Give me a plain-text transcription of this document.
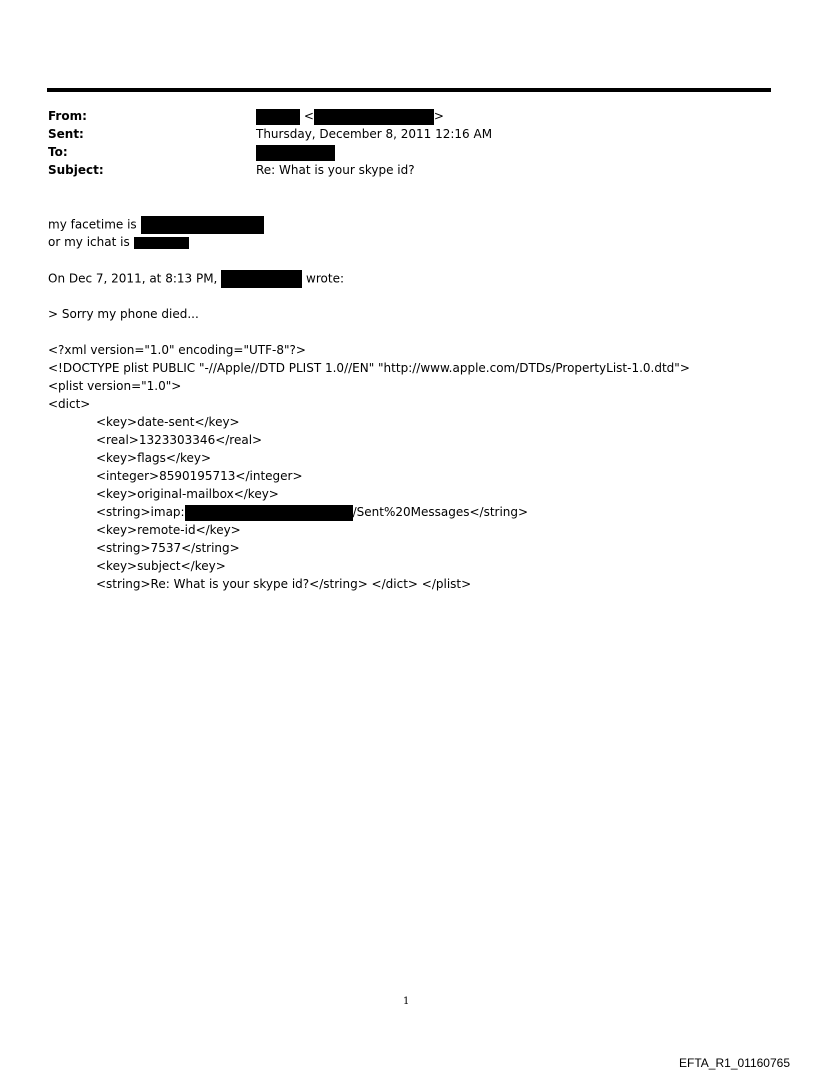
From:	<	>
Sent:	Thursday, December 8, 2011 12:16 AM
To:
Subject:	Re: What is your skype id?
my facetime is
or my ichat is
On Dec 7, 2011, at 8:13 PM,	wrote:
> Sorry my phone died...
<?xml version="1.0" encoding="UTF-8"?>
<!DOCTYPE plist PUBLIC "-//Apple//DTD PLIST 1.0//EN" "http://www.apple.com/DTDs/PropertyList-1.0.dtd">
<plist version="1.0">
<dict>
<key>date-sent</key>
<real>1323303346</real>
<key>flags</key>
<integer>8590195713</integer>
<key>original-mailbox</key>
<string>imap:	/Sent%20Messages</string>
<key>remote-id</key>
<string>7537</string>
<key>subject</key>
<string>Re: What is your skype id?</string> </dict> </plist>
1
EFTA_R1_01160765
